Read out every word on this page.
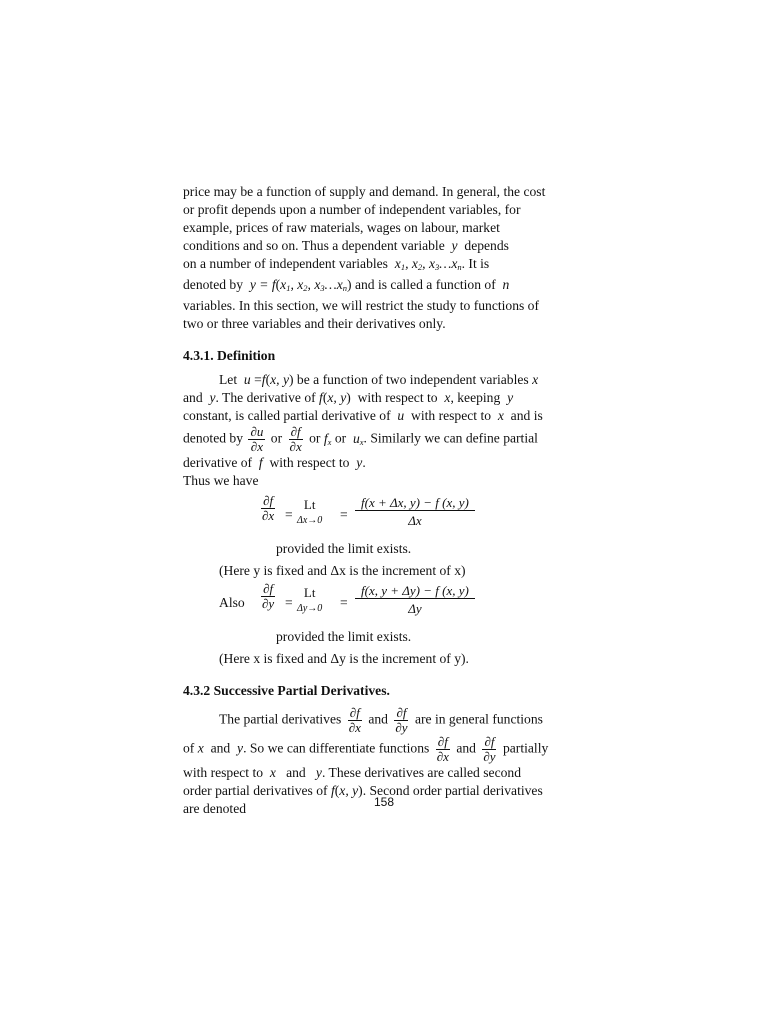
price may be a function of supply and demand. In general, the cost
or profit depends upon a number of independent variables, for
example, prices of raw materials, wages on labour, market
conditions and so on. Thus a dependent variable y depends
on a number of independent variables $x_1$, $x_2$, $x_3\dots x_n$. It is
denoted by $y = f(x_1$, $x_2$, $x_3\dots x_n$) and is called a function of n
variables. In this section, we will restrict the study to functions of
two or three variables and their derivatives only.

4.3.1. Definition

Let u =f(x, y) be a function of two independent variables x
and y. The derivative of f(x, y)  with respect to x, keeping y
constant, is called partial derivative of u with respect to x and is
denoted by $\frac{\partial u}{\partial x}$ or $\frac{\partial f}{\partial x}$ or $f_x$ or $u_x$. Similarly we can define partial
derivative of f with respect to y.

Thus we have

$\frac{\partial f}{\partial x}$ =
Lt
Δx→0 =
f(x + Δx, y) − f (x, y)
Δx

provided the limit exists.

(Here y is fixed and Δx is the increment of x)

Also $\frac{\partial f}{\partial y}$ =
Lt
Δy→0 =
f(x, y + Δy) − f (x, y)
Δy

provided the limit exists.

(Here x is fixed and Δy is the increment of y).

4.3.2 Successive Partial Derivatives.

The partial derivatives $\frac{\partial f}{\partial x}$ and $\frac{\partial f}{\partial y}$ are in general functions
of x and y. So we can differentiate functions $\frac{\partial f}{\partial x}$ and $\frac{\partial f}{\partial y}$ partially
with respect to x and y. These derivatives are called second
order partial derivatives of f(x, y). Second order partial derivatives
are denoted	158
